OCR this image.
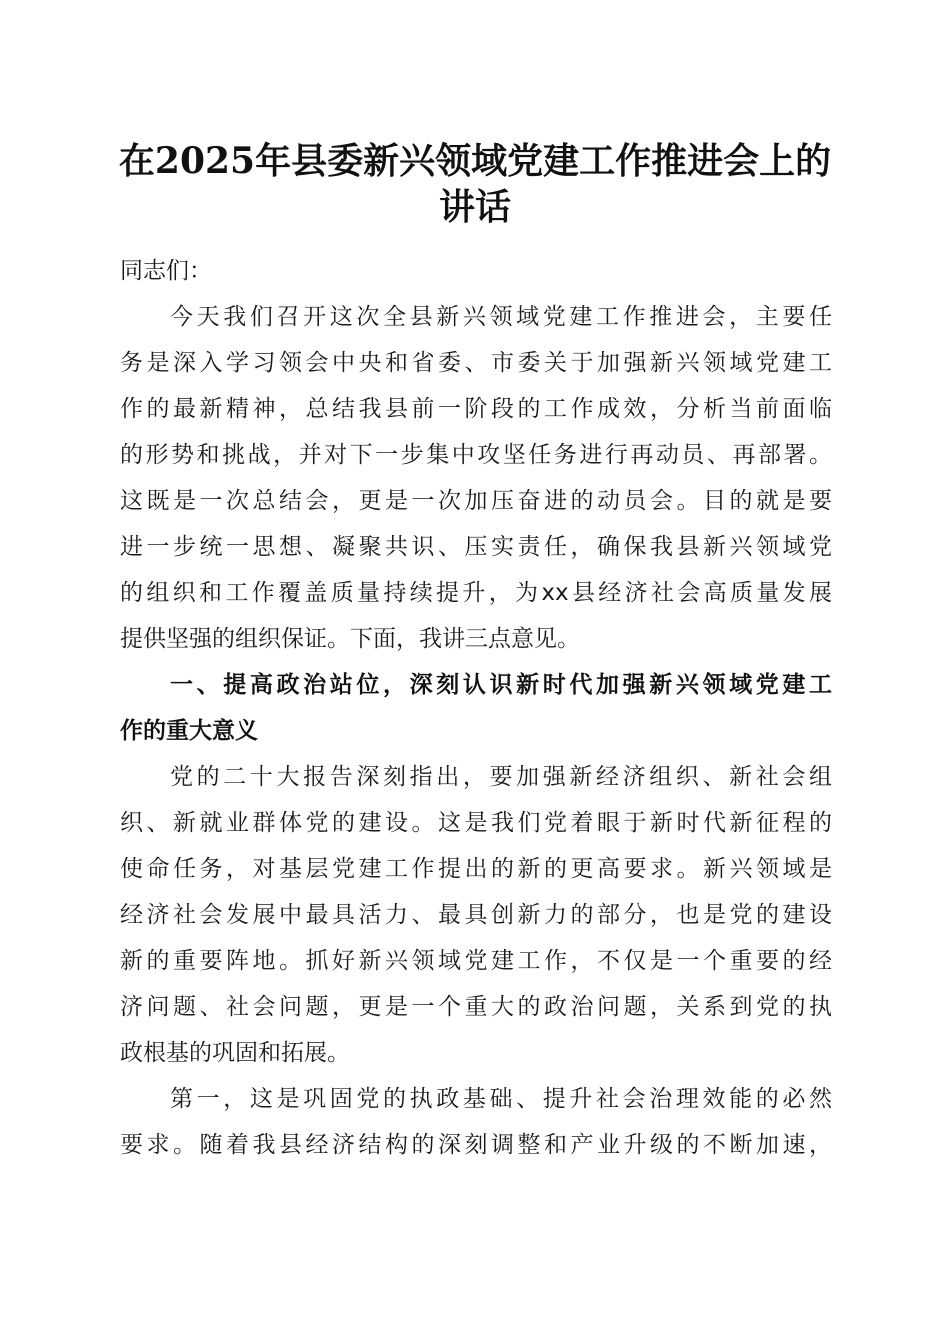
在2025年县委新兴领域党建工作推进会上的
讲话
同志们：
今天我们召开这次全县新兴领域党建工作推进会，主要任
务是深入学习领会中央和省委、市委关于加强新兴领域党建工
作的最新精神，总结我县前一阶段的工作成效，分析当前面临
的形势和挑战，并对下一步集中攻坚任务进行再动员、再部署。
这既是一次总结会，更是一次加压奋进的动员会。目的就是要
进一步统一思想、凝聚共识、压实责任，确保我县新兴领域党
的组织和工作覆盖质量持续提升，为xx县经济社会高质量发展
提供坚强的组织保证。下面，我讲三点意见。
一、提高政治站位，深刻认识新时代加强新兴领域党建工
作的重大意义
党的二十大报告深刻指出，要加强新经济组织、新社会组
织、新就业群体党的建设。这是我们党着眼于新时代新征程的
使命任务，对基层党建工作提出的新的更高要求。新兴领域是
经济社会发展中最具活力、最具创新力的部分，也是党的建设
新的重要阵地。抓好新兴领域党建工作，不仅是一个重要的经
济问题、社会问题，更是一个重大的政治问题，关系到党的执
政根基的巩固和拓展。
第一，这是巩固党的执政基础、提升社会治理效能的必然
要求。随着我县经济结构的深刻调整和产业升级的不断加速，
